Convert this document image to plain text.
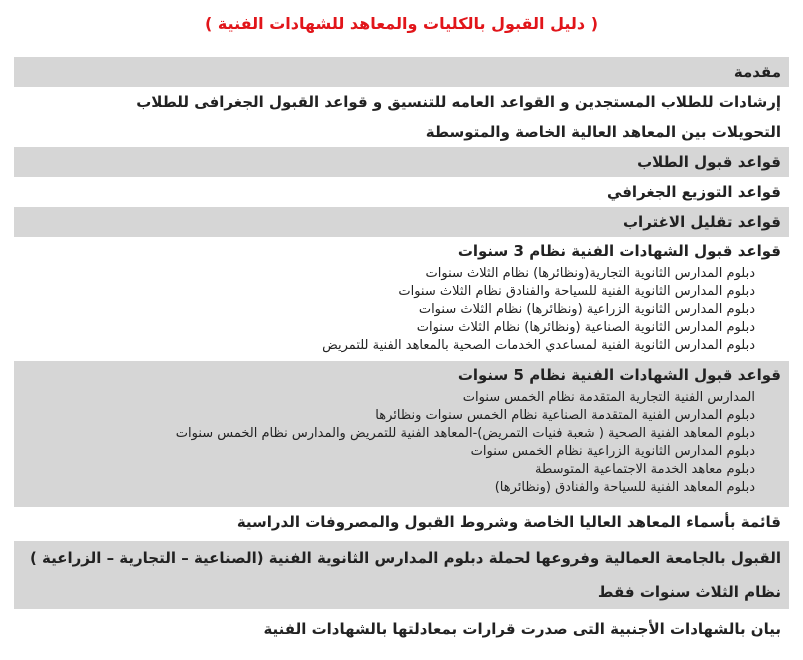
( دليل القبول بالكليات والمعاهد للشهادات الفنية )
مقدمة
إرشادات للطلاب المستجدين و القواعد العامه للتنسيق و قواعد القبول الجغرافى للطلاب
التحويلات بين المعاهد العالية الخاصة والمتوسطة
قواعد قبول الطلاب
قواعد التوزيع الجغرافي
قواعد تقليل الاغتراب
قواعد قبول الشهادات الفنية نظام 3 سنوات
دبلوم المدارس الثانوية التجارية(ونظائرها) نظام الثلاث سنوات
دبلوم المدارس الثانوية الفنية للسياحة والفنادق نظام الثلاث سنوات
دبلوم المدارس الثانوية الزراعية (ونظائرها) نظام الثلاث سنوات
دبلوم المدارس الثانوية الصناعية (ونظائرها) نظام الثلاث سنوات
دبلوم المدارس الثانوية الفنية لمساعدي الخدمات الصحية بالمعاهد الفنية للتمريض
قواعد قبول الشهادات الفنية نظام 5 سنوات
المدارس الفنية التجارية المتقدمة نظام الخمس سنوات
دبلوم المدارس الفنية المتقدمة الصناعية نظام الخمس سنوات ونظائرها
دبلوم المعاهد الفنية الصحية ( شعبة فنيات التمريض)-المعاهد الفنية للتمريض والمدارس نظام الخمس سنوات
دبلوم المدارس الثانوية الزراعية نظام الخمس سنوات
دبلوم معاهد الخدمة الاجتماعية المتوسطة
دبلوم المعاهد الفنية للسياحة والفنادق (ونظائرها)
قائمة بأسماء المعاهد العاليا الخاصة وشروط القبول والمصروفات الدراسية
القبول بالجامعة العمالية وفروعها لحملة دبلوم المدارس الثانوية الفنية (الصناعية – التجارية – الزراعية ) نظام الثلاث سنوات فقط
بيان بالشهادات الأجنبية التى صدرت قرارات بمعادلتها بالشهادات الفنية
